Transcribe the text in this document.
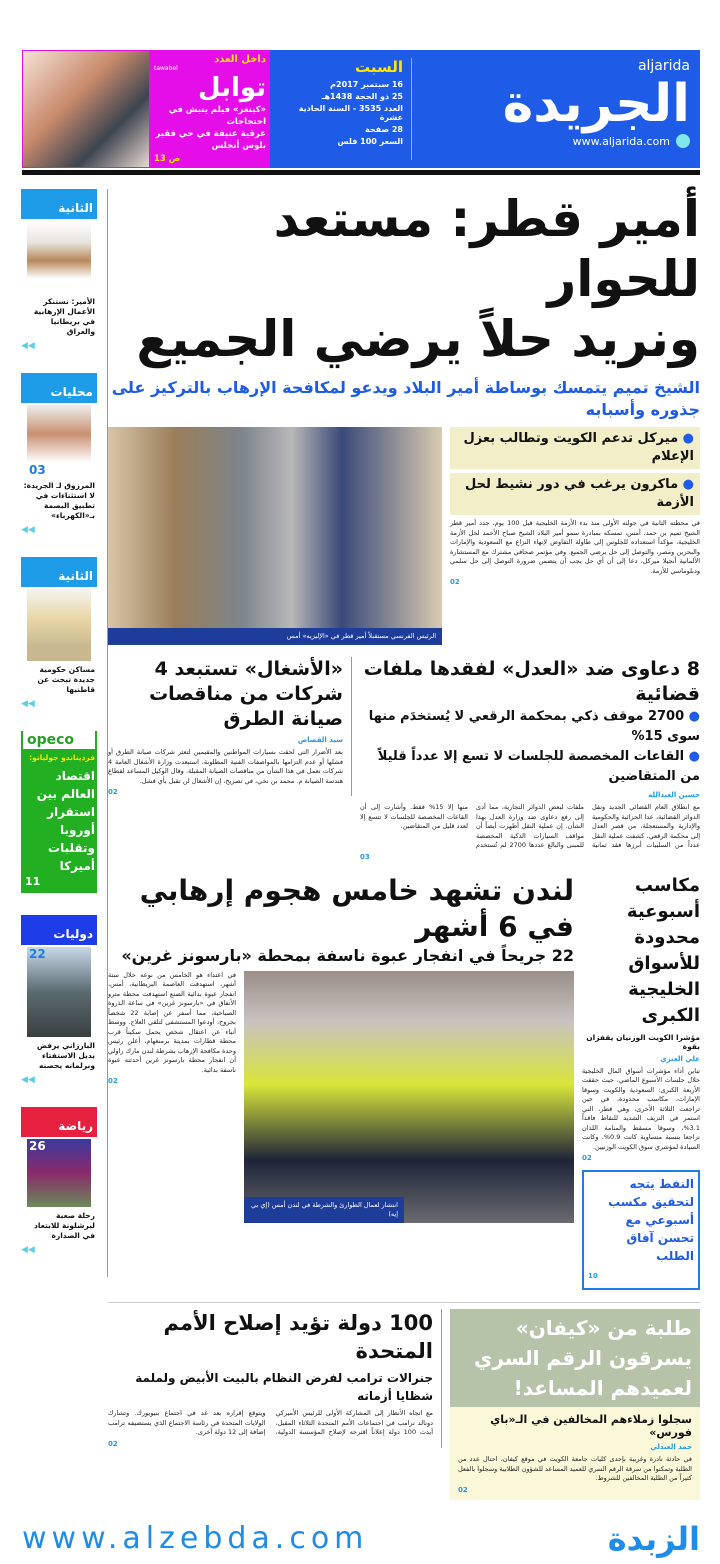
aljarida
الجريدة
www.aljarida.com
السبت
16 سبتمبر 2017م
25 ذو الحجة 1438هـ
العدد 3535 - السنة الحادية عشرة
28 صفحة
السعر 100 فلس
داخل العدد
tawabel
توابل
«كينغز» فيلم ينبش في احتجاجات
عرقية عنيفة في حي فقير بلوس أنجلس
ص 13
أمير قطر: مستعد للحوار
ونريد حلاً يرضي الجميع
الشيخ تميم يتمسك بوساطة أمير البلاد ويدعو لمكافحة الإرهاب بالتركيز على جذوره وأسبابه
● ميركل تدعم الكويت وتطالب بعزل الإعلام
● ماكرون يرغب في دور نشيط لحل الأزمة
في محطته الثانية في جولته الأولى منذ بدء الأزمة الخليجية قبل 100 يوم، جدد أمير قطر الشيخ تميم بن حمد، أمس، تمسكه بمبادرة سمو أمير البلاد الشيخ صباح الأحمد لحل الأزمة الخليجية، مؤكداً استعداده للجلوس إلى طاولة التفاوض لإنهاء النزاع مع السعودية والإمارات والبحرين ومصر، والتوصل إلى حل يرضي الجميع. وفي مؤتمر صحافي مشترك مع المستشارة الألمانية أنجيلا ميركل، دعا إلى أن أي حل يجب أن يتضمن ضرورة التوصل إلى حل سلمي ودبلوماسي للأزمة.
02
الرئيس الفرنسي مستقبلاً أمير قطر في «الإليزيه» أمس
8 دعاوى ضد «العدل» لفقدها ملفات قضائية
● 2700 موقف ذكي بمحكمة الرقعي لا يُستخدَم منها سوى 15%
● القاعات المخصصة للجلسات لا تسع إلا عدداً قليلاً من المتقاضين
حسين العبدالله
مع انطلاق العام القضائي الجديد ونقل الدوائر القضائية، عدا الجزائية والحكومية والإدارية والمستعجلة، من قصر العدل إلى محكمة الرقعي، كشفت عملية النقل عدداً من السلبيات أبرزها فقد ثمانية ملفات لبعض الدوائر التجارية، مما أدى إلى رفع دعاوى ضد وزارة العدل بهذا الشأن. إن عملية النقل أظهرت أيضاً أن مواقف السيارات الذكية المخصصة للمبنى والبالغ عددها 2700 لم تُستخدم منها إلا 15% فقط. وأشارت إلى أن القاعات المخصصة للجلسات لا تتسع إلا لعدد قليل من المتقاضين.
03
«الأشغال» تستبعد 4 شركات من مناقصات صيانة الطرق
سيد القصاص
بعد الأضرار التي لحقت بسيارات المواطنين والمقيمين لتعثر شركات صيانة الطرق أو فشلها أو عدم التزامها بالمواصفات الفنية المطلوبة، استبعدت وزارة الأشغال العامة 4 شركات تعمل في هذا الشأن من مناقصات الصيانة المقبلة. وقال الوكيل المساعد لقطاع هندسة الصيانة م. محمد بن نخي، في تصريح، إن الأشغال لن تقبل بأي فشل.
02
مكاسب أسبوعية محدودة للأسواق الخليجية الكبرى
مؤشرا الكويت الوزنيان يقفزان بقوة
علي العنزي
تباين أداء مؤشرات أسواق المال الخليجية خلال جلسات الأسبوع الماضي، حيث حققت الأربعة الكبرى: السعودية والكويت وسوقا الإمارات، مكاسب محدودة، في حين تراجعت الثلاثة الأخرى، وهي قطر، التي استمر في النزيف الشديد للنقاط فاقداً 3.1%، وسوقا مسقط والمنامة اللذان تراجعا بنسبة متساوية كانت 0.9%. وكانت السيادة لمؤشري سوق الكويت الوزنيين.
02
النفط يتجه لتحقيق مكسب أسبوعي مع تحسن آفاق الطلب
10
لندن تشهد خامس هجوم إرهابي في 6 أشهر
22 جريحاً في انفجار عبوة ناسفة بمحطة «بارسونز غرين»
انتشار لعمال الطوارئ والشرطة في لندن أمس (إي بي إيه)
في اعتداء هو الخامس من نوعه خلال ستة أشهر، استهدفت العاصمة البريطانية، أمس، انفجار عبوة بدائية الصنع استهدفت محطة مترو الأنفاق في «بارسونز غرين» في ساعة الذروة الصباحية، مما أسفر عن إصابة 22 شخصاً بجروح، أودعوا المستشفى لتلقي العلاج. ووسط أنباء عن اعتقال شخص يحمل سكيناً قرب محطة قطارات بمدينة برمنغهام، أعلن رئيس وحدة مكافحة الإرهاب بشرطة لندن مارك راولي أن انفجار محطة بارسونز غرين أحدثته عبوة ناسفة بدائية.
02
طلبة من «كيفان» يسرقون الرقم السري لعميدهم المساعد!
سجلوا زملاءهم المخالفين في الـ«باي فورس»
حمد العبدلي
في حادثة نادرة وغريبة بإحدى كليات جامعة الكويت في موقع كيفان، احتال عدد من الطلبة وتمكنوا من سرقة الرقم السري للعميد المساعد للشؤون الطلابية وسجلوا بالفعل كثيراً من الطلبة المخالفين للشروط.
02
100 دولة تؤيد إصلاح الأمم المتحدة
جنرالات ترامب لفرض النظام بالبيت الأبيض ولملمة شظايا أزماته
مع اتجاه الأنظار إلى المشاركة الأولى للرئيس الأميركي دونالد ترامب في اجتماعات الأمم المتحدة الثلاثاء المقبل، أيدت 100 دولة إعلاناً اقترحه لإصلاح المؤسسة الدولية، ويتوقع إقراره بعد غد في اجتماع بنيويورك. وتشارك الولايات المتحدة في رئاسة الاجتماع الذي يستضيفه ترامب إضافة إلى 12 دولة أخرى.
02
الثانية
الأمير: نستنكر الأعمال الإرهابية في بريطانيا والعراق
◀◀
محليات
03
المرزوق لـ الجريدة: لا استثناءات في تطبيق البصمة بـ«الكهرباء»
◀◀
الثانية
مساكن حكومية جديدة تبحث عن قاطنيها
◀◀
opeco
فرديناندو جوليانو:
اقتصاد العالم بين استقرار أوروبا وتقلبات أميركا
11
دوليات
22
البارزاني يرفض بديل الاستفتاء وبرلمانه يحصنه
◀◀
رياضة
26
رحلة صعبة لبرشلونة للابتعاد في الصدارة
◀◀
الزبدة
www.alzebda.com
